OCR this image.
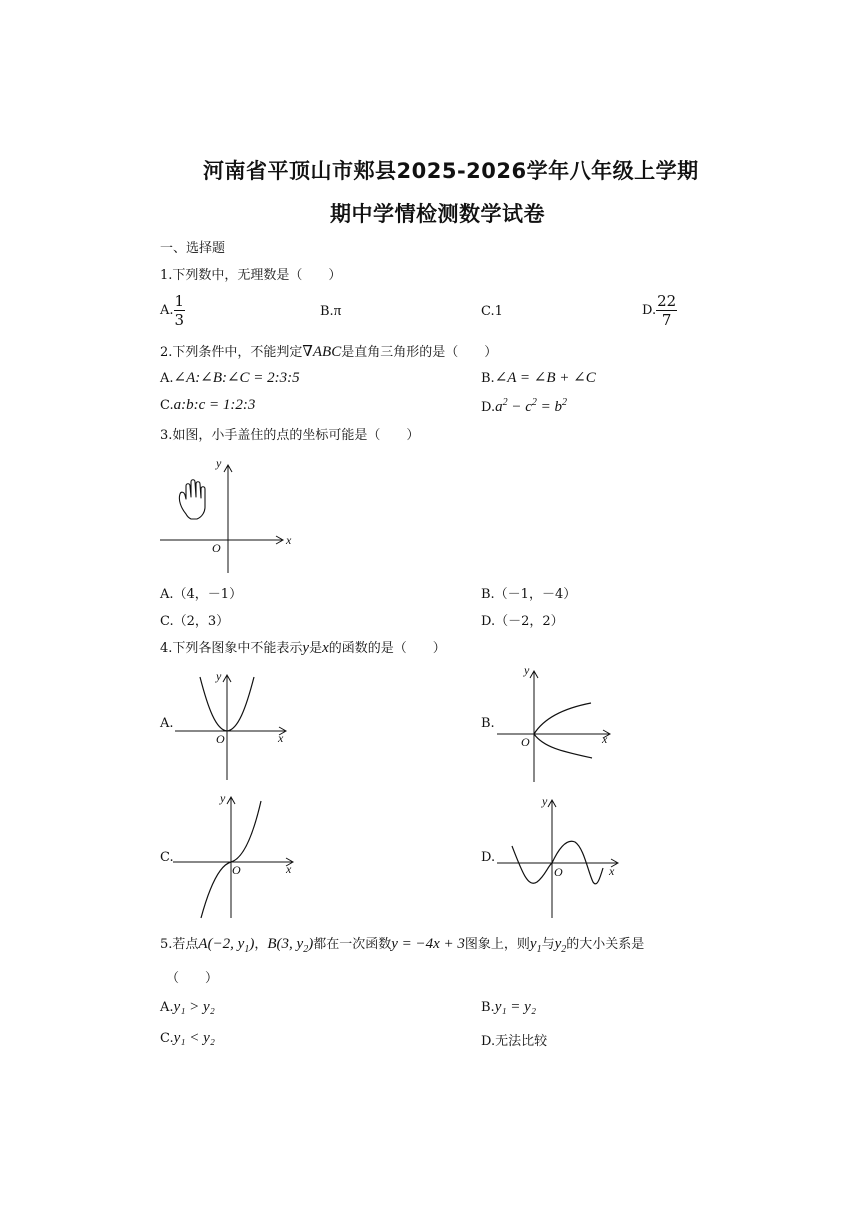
河南省平顶山市郏县2025-2026学年八年级上学期
期中学情检测数学试卷
一、选择题
1.下列数中，无理数是（　　）
A. $\frac{1}{3}$	B.π	C.1	D. $\frac{22}{7}$
2.下列条件中，不能判定∇ABC是直角三角形的是（　　）
A.∠A:∠B:∠C = 2:3:5	B.∠A = ∠B + ∠C
C.a:b:c = 1:2:3	$D.a^2 - c^2 = b^2$
3.如图，小手盖住的点的坐标可能是（　　）
x
y
O
A.（4，－1）	B.（－1，－4）
C.（2，3）	D.（－2，2）
4.下列各图象中不能表示y是x的函数的是（　　）
A.	B.
C.	D.
x
y
O	x
y
O
x
y
O	x
y
O
5.若点A(−2, $y_1$)，B(3, $y_2$)都在一次函数y = −4x + 3图象上，则$y_1$与$y_2$的大小关系是
（　　）
A.y₁ > y₂	B.y₁ = y₂
C.y₁ < y₂	D.无法比较
